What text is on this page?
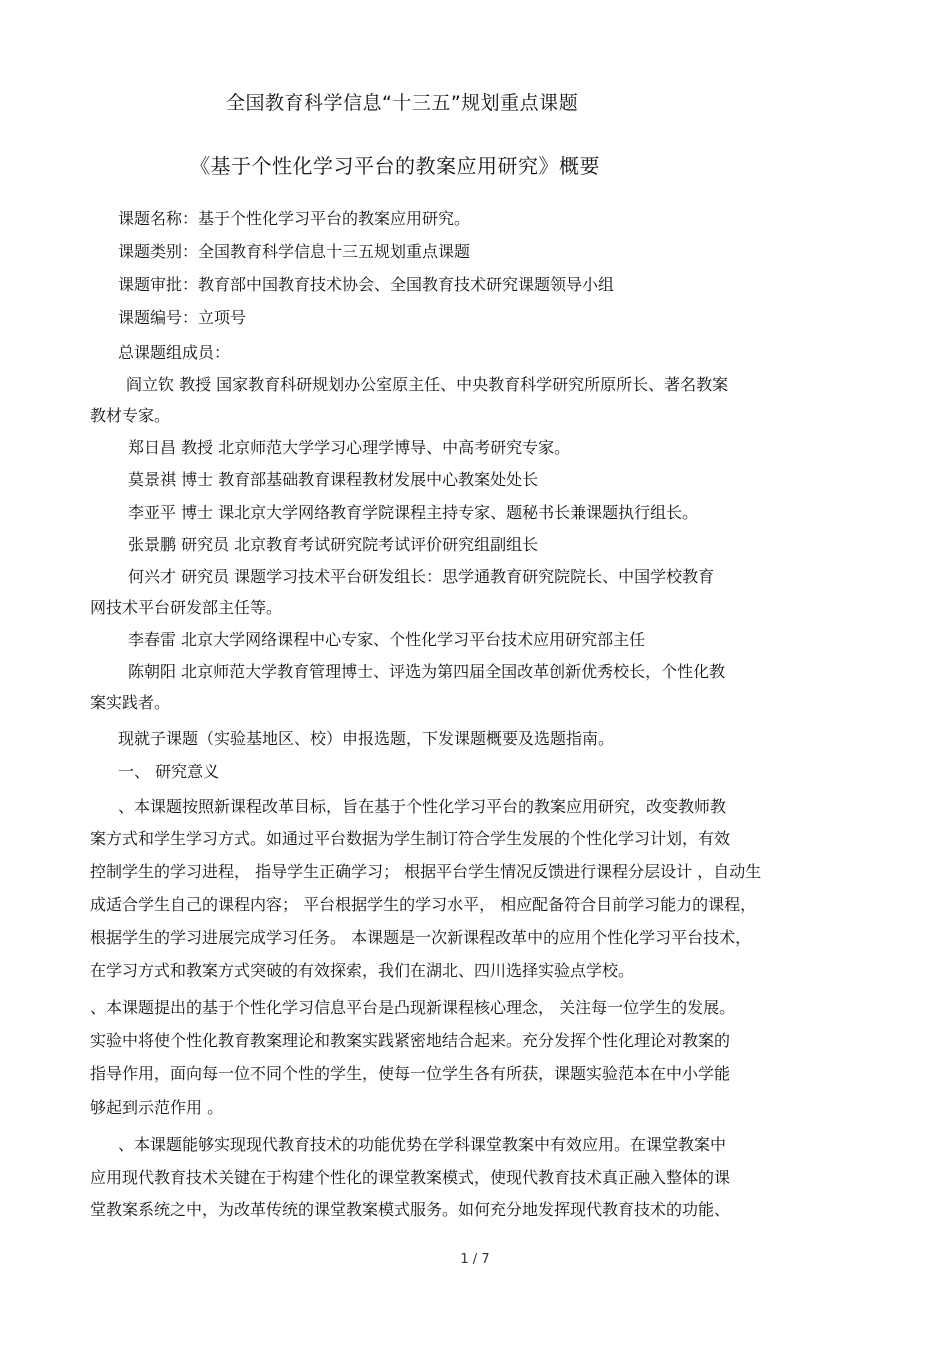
全国教育科学信息“十三五”规划重点课题
《基于个性化学习平台的教案应用研究》概要
课题名称：基于个性化学习平台的教案应用研究。
课题类别：全国教育科学信息十三五规划重点课题
课题审批：教育部中国教育技术协会、全国教育技术研究课题领导小组
课题编号：立项号
总课题组成员：
阎立钦 教授 国家教育科研规划办公室原主任、中央教育科学研究所原所长、著名教案
教材专家。
郑日昌 教授 北京师范大学学习心理学博导、中高考研究专家。
莫景祺 博士 教育部基础教育课程教材发展中心教案处处长
李亚平 博士 课北京大学网络教育学院课程主持专家、题秘书长兼课题执行组长。
张景鹏 研究员 北京教育考试研究院考试评价研究组副组长
何兴才 研究员 课题学习技术平台研发组长：思学通教育研究院院长、中国学校教育
网技术平台研发部主任等。
李春雷 北京大学网络课程中心专家、个性化学习平台技术应用研究部主任
陈朝阳 北京师范大学教育管理博士、评选为第四届全国改革创新优秀校长，个性化教
案实践者。
现就子课题（实验基地区、校）申报选题，下发课题概要及选题指南。
一、 研究意义
、本课题按照新课程改革目标，旨在基于个性化学习平台的教案应用研究，改变教师教
案方式和学生学习方式。如通过平台数据为学生制订符合学生发展的个性化学习计划，有效
控制学生的学习进程， 指导学生正确学习； 根据平台学生情况反馈进行课程分层设计 ，自动生
成适合学生自己的课程内容； 平台根据学生的学习水平， 相应配备符合目前学习能力的课程，
根据学生的学习进展完成学习任务。 本课题是一次新课程改革中的应用个性化学习平台技术，
在学习方式和教案方式突破的有效探索，我们在湖北、四川选择实验点学校。
、本课题提出的基于个性化学习信息平台是凸现新课程核心理念， 关注每一位学生的发展。
实验中将使个性化教育教案理论和教案实践紧密地结合起来。充分发挥个性化理论对教案的
指导作用，面向每一位不同个性的学生，使每一位学生各有所获，课题实验范本在中小学能
够起到示范作用 。
、本课题能够实现现代教育技术的功能优势在学科课堂教案中有效应用。在课堂教案中
应用现代教育技术关键在于构建个性化的课堂教案模式，使现代教育技术真正融入整体的课
堂教案系统之中，为改革传统的课堂教案模式服务。如何充分地发挥现代教育技术的功能、
1 / 7
